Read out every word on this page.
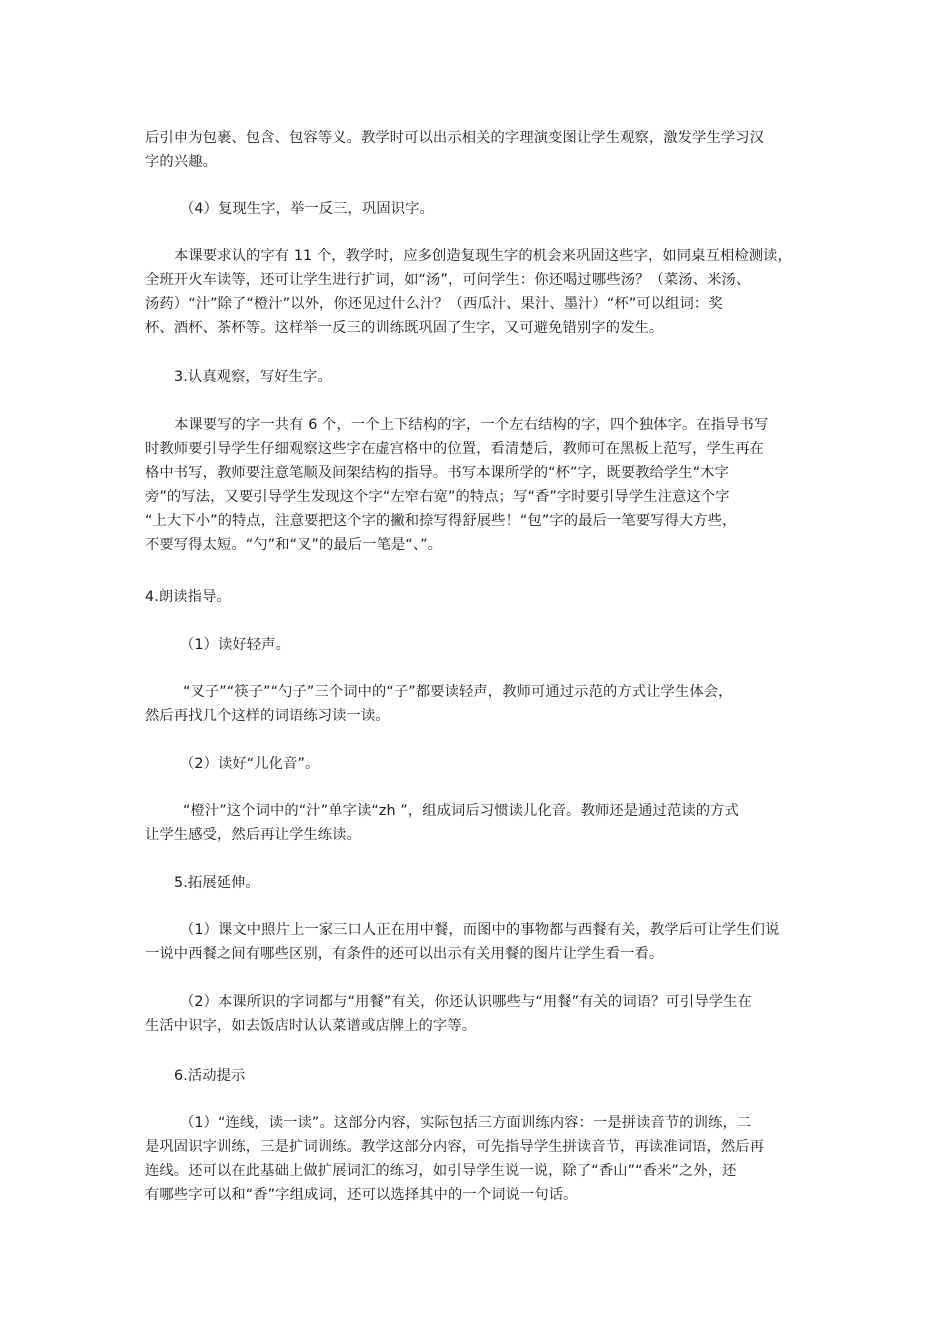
后引申为包裹、包含、包容等义。教学时可以出示相关的字理演变图让学生观察，激发学生学习汉
字的兴趣。
（4）复现生字，举一反三，巩固识字。
本课要求认的字有 11 个，教学时，应多创造复现生字的机会来巩固这些字，如同桌互相检测读，
全班开火车读等，还可让学生进行扩词，如“汤”，可问学生：你还喝过哪些汤？（菜汤、米汤、
汤药）“汁”除了“橙汁”以外，你还见过什么汁？（西瓜汁、果汁、墨汁）“杯”可以组词：奖
杯、酒杯、茶杯等。这样举一反三的训练既巩固了生字，又可避免错别字的发生。
3.认真观察，写好生字。
本课要写的字一共有 6 个，一个上下结构的字，一个左右结构的字，四个独体字。在指导书写
时教师要引导学生仔细观察这些字在虚宫格中的位置，看清楚后，教师可在黑板上范写，学生再在
格中书写，教师要注意笔顺及间架结构的指导。书写本课所学的“杯”字，既要教给学生“木字
旁”的写法，又要引导学生发现这个字“左窄右宽”的特点；写“香”字时要引导学生注意这个字
“上大下小”的特点，注意要把这个字的撇和捺写得舒展些！“包”字的最后一笔要写得大方些，
不要写得太短。“勺”和“叉”的最后一笔是“、”。
4.朗读指导。
（1）读好轻声。
“叉子”“筷子”“勺子”三个词中的“子”都要读轻声，教师可通过示范的方式让学生体会，
然后再找几个这样的词语练习读一读。
（2）读好“儿化音”。
“橙汁”这个词中的“汁”单字读“zh ”，组成词后习惯读儿化音。教师还是通过范读的方式
让学生感受，然后再让学生练读。
5.拓展延伸。
（1）课文中照片上一家三口人正在用中餐，而图中的事物都与西餐有关，教学后可让学生们说
一说中西餐之间有哪些区别，有条件的还可以出示有关用餐的图片让学生看一看。
（2）本课所识的字词都与“用餐”有关，你还认识哪些与“用餐”有关的词语？可引导学生在
生活中识字，如去饭店时认认菜谱或店牌上的字等。
6.活动提示
（1）“连线，读一读”。这部分内容，实际包括三方面训练内容：一是拼读音节的训练，二
是巩固识字训练，三是扩词训练。教学这部分内容，可先指导学生拼读音节，再读准词语，然后再
连线。还可以在此基础上做扩展词汇的练习，如引导学生说一说，除了“香山”“香米”之外，还
有哪些字可以和“香”字组成词，还可以选择其中的一个词说一句话。
